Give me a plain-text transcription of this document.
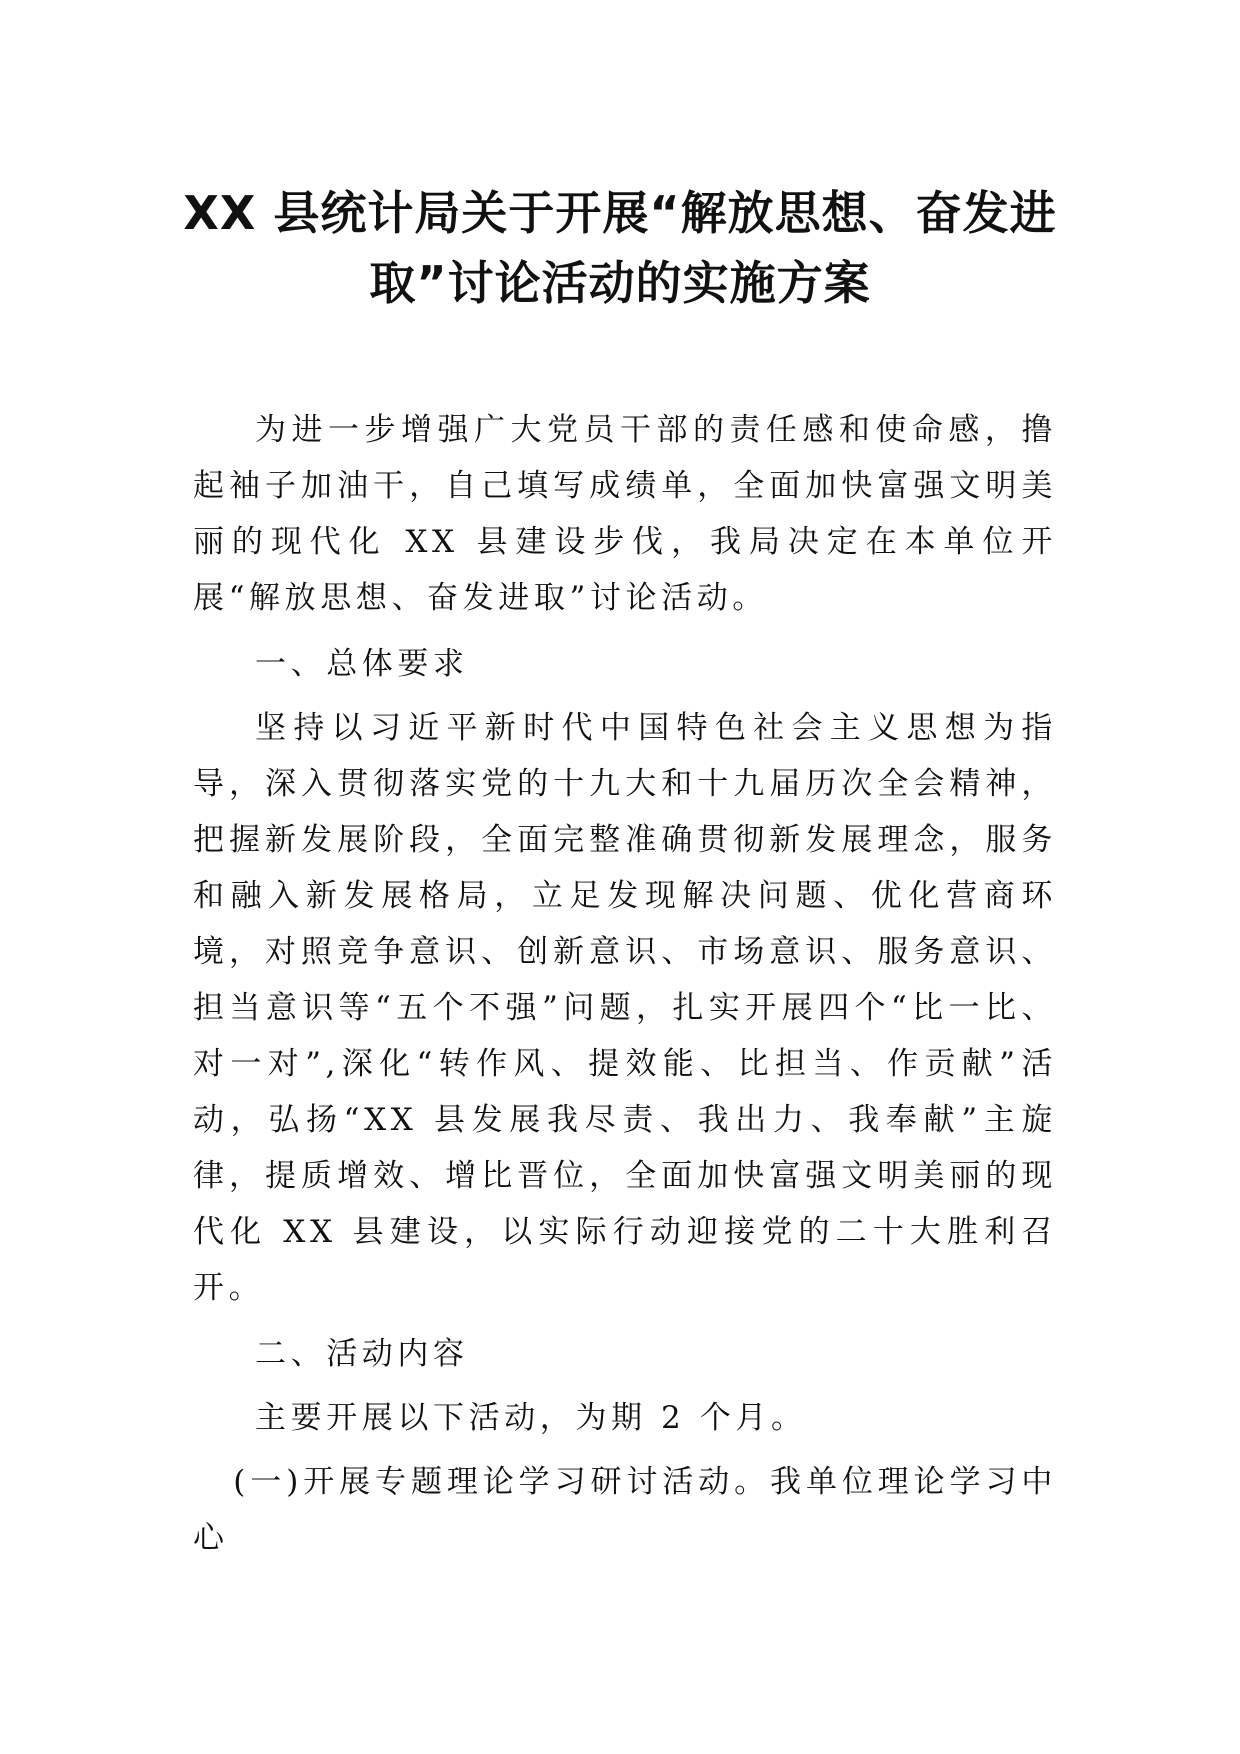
XX 县统计局关于开展“解放思想、奋发进
取”讨论活动的实施方案

为进一步增强广大党员干部的责任感和使命感，撸起袖子加油干，自己填写成绩单，全面加快富强文明美丽的现代化 XX 县建设步伐，我局决定在本单位开展“解放思想、奋发进取”讨论活动。

一、总体要求

坚持以习近平新时代中国特色社会主义思想为指导，深入贯彻落实党的十九大和十九届历次全会精神，把握新发展阶段，全面完整准确贯彻新发展理念，服务和融入新发展格局，立足发现解决问题、优化营商环境，对照竞争意识、创新意识、市场意识、服务意识、担当意识等“五个不强”问题，扎实开展四个“比一比、对一对”,深化“转作风、提效能、比担当、作贡献”活动，弘扬“XX 县发展我尽责、我出力、我奉献”主旋律，提质增效、增比晋位，全面加快富强文明美丽的现代化 XX 县建设，以实际行动迎接党的二十大胜利召开。

二、活动内容

主要开展以下活动，为期 2 个月。

(一)开展专题理论学习研讨活动。我单位理论学习中心
